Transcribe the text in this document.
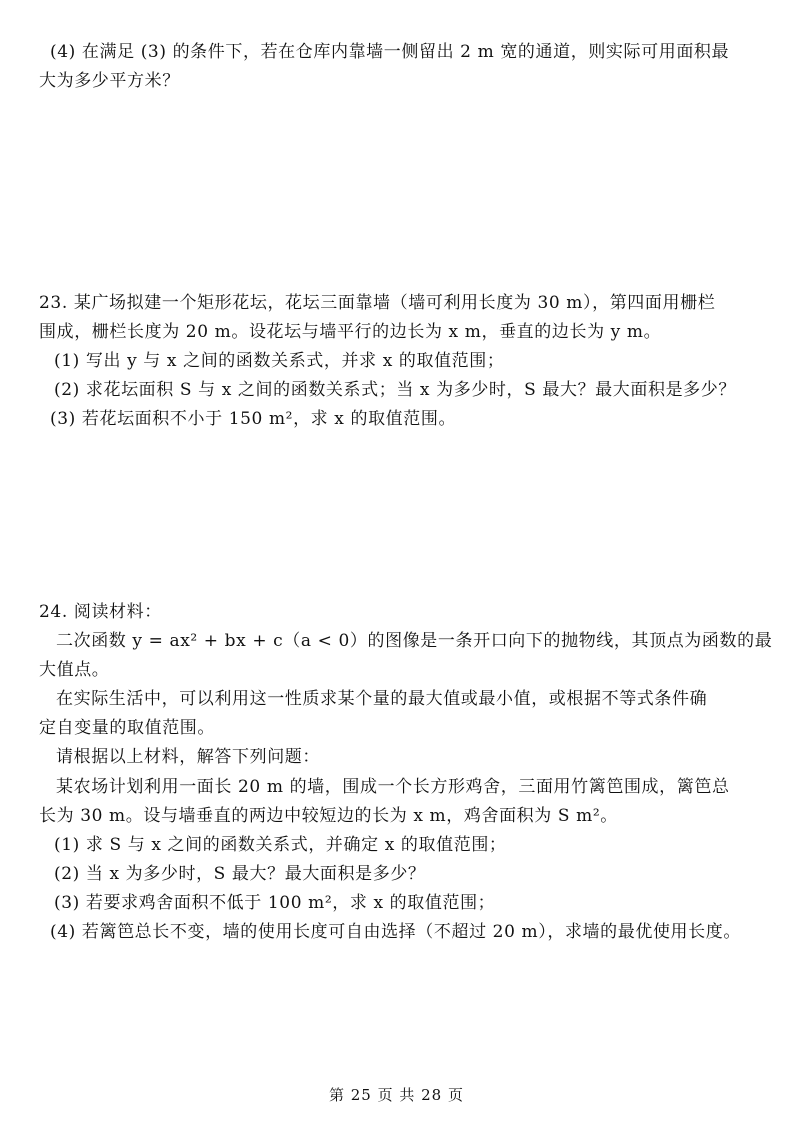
(4) 在满足 (3) 的条件下，若在仓库内靠墙一侧留出 2 m 宽的通道，则实际可用面积最
大为多少平方米？
23. 某广场拟建一个矩形花坛，花坛三面靠墙（墙可利用长度为 30 m），第四面用栅栏
围成，栅栏长度为 20 m。设花坛与墙平行的边长为 x m，垂直的边长为 y m。
(1) 写出 y 与 x 之间的函数关系式，并求 x 的取值范围；
(2) 求花坛面积 S 与 x 之间的函数关系式；当 x 为多少时，S 最大？最大面积是多少？
(3) 若花坛面积不小于 150 m²，求 x 的取值范围。
24. 阅读材料：
二次函数 y = ax² + bx + c（a < 0）的图像是一条开口向下的抛物线，其顶点为函数的最
大值点。
在实际生活中，可以利用这一性质求某个量的最大值或最小值，或根据不等式条件确
定自变量的取值范围。
请根据以上材料，解答下列问题：
某农场计划利用一面长 20 m 的墙，围成一个长方形鸡舍，三面用竹篱笆围成，篱笆总
长为 30 m。设与墙垂直的两边中较短边的长为 x m，鸡舍面积为 S m²。
(1) 求 S 与 x 之间的函数关系式，并确定 x 的取值范围；
(2) 当 x 为多少时，S 最大？最大面积是多少？
(3) 若要求鸡舍面积不低于 100 m²，求 x 的取值范围；
(4) 若篱笆总长不变，墙的使用长度可自由选择（不超过 20 m），求墙的最优使用长度。
第 25 页 共 28 页
